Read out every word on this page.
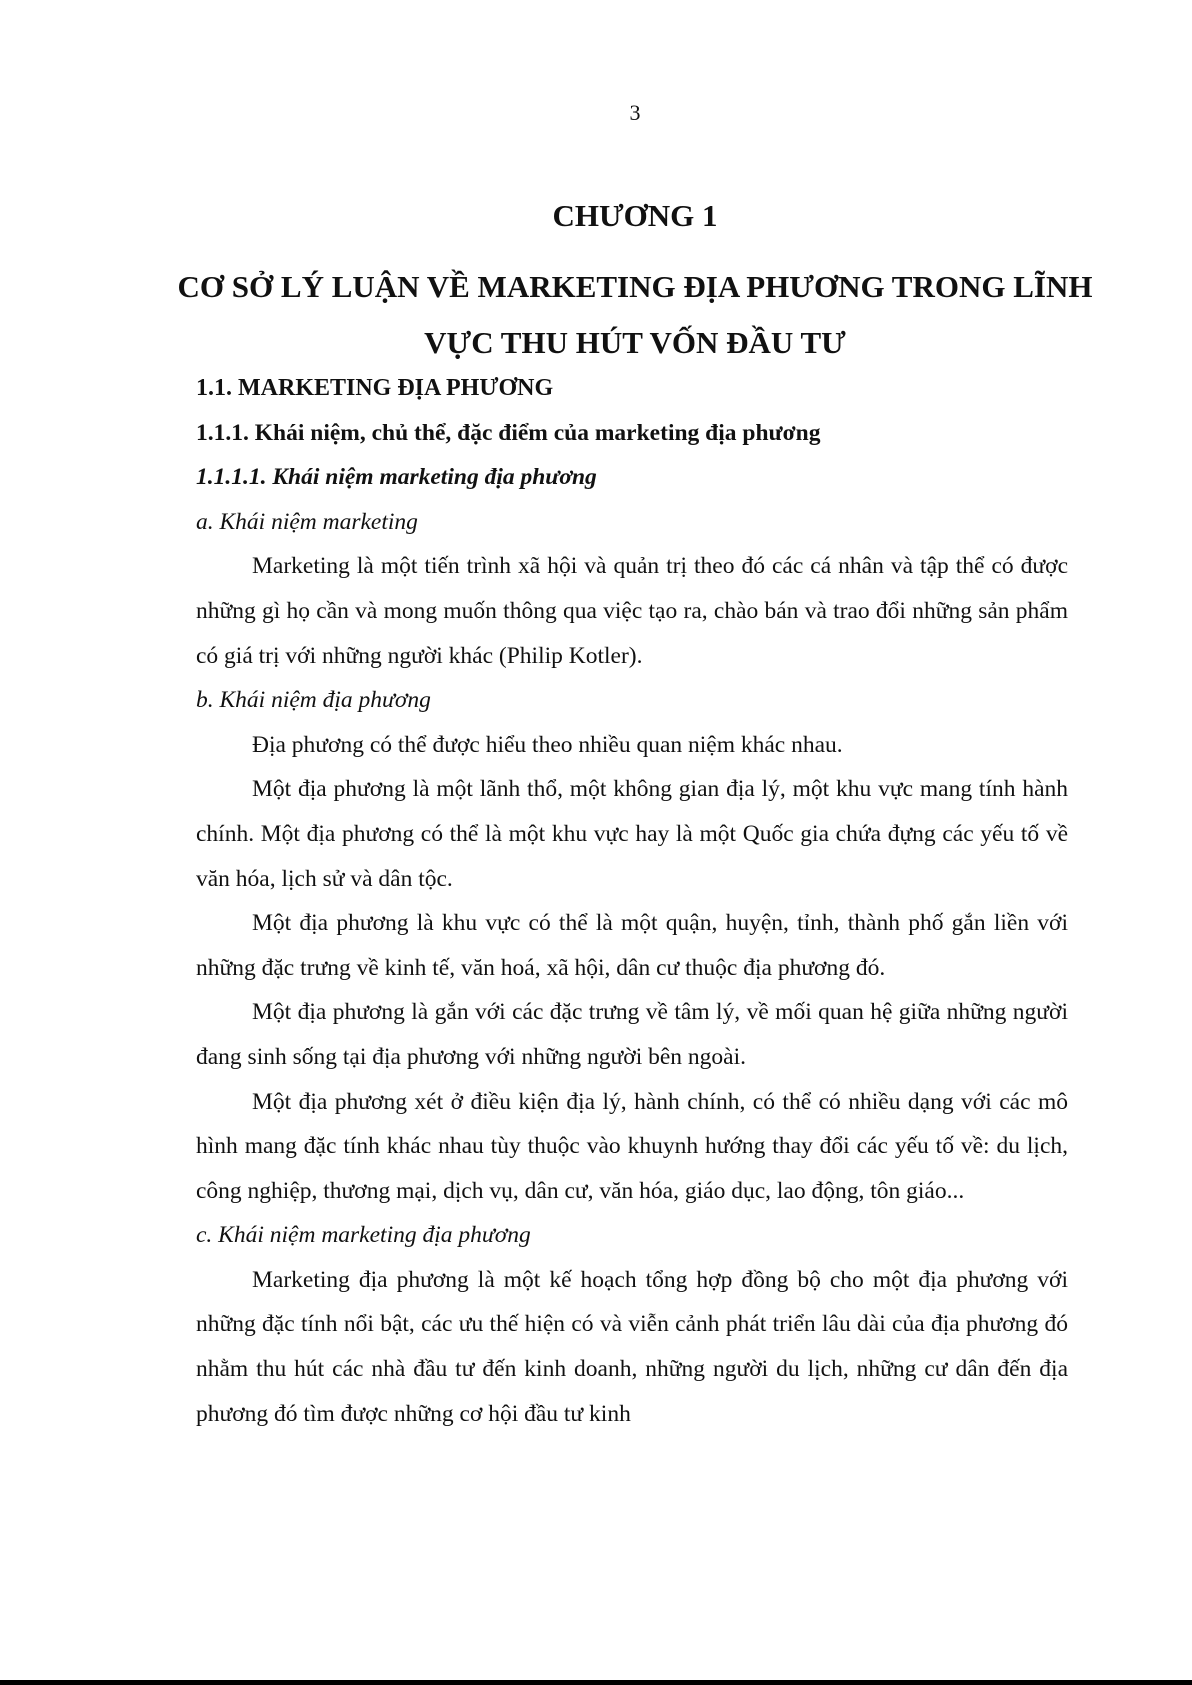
3
CHƯƠNG 1
CƠ SỞ LÝ LUẬN VỀ MARKETING ĐỊA PHƯƠNG TRONG LĨNH VỰC THU HÚT VỐN ĐẦU TƯ

1.1. MARKETING ĐỊA PHƯƠNG

1.1.1. Khái niệm, chủ thể, đặc điểm của marketing địa phương

1.1.1.1. Khái niệm marketing địa phương

a. Khái niệm marketing

Marketing là một tiến trình xã hội và quản trị theo đó các cá nhân và tập thể có được những gì họ cần và mong muốn thông qua việc tạo ra, chào bán và trao đổi những sản phẩm có giá trị với những người khác (Philip Kotler).

b. Khái niệm địa phương

Địa phương có thể được hiểu theo nhiều quan niệm khác nhau.

Một địa phương là một lãnh thổ, một không gian địa lý, một khu vực mang tính hành chính. Một địa phương có thể là một khu vực hay là một Quốc gia chứa đựng các yếu tố về văn hóa, lịch sử và dân tộc.

Một địa phương là khu vực có thể là một quận, huyện, tỉnh, thành phố gắn liền với những đặc trưng về kinh tế, văn hoá, xã hội, dân cư thuộc địa phương đó.

Một địa phương là gắn với các đặc trưng về tâm lý, về mối quan hệ giữa những người đang sinh sống tại địa phương với những người bên ngoài.

Một địa phương xét ở điều kiện địa lý, hành chính, có thể có nhiều dạng với các mô hình mang đặc tính khác nhau tùy thuộc vào khuynh hướng thay đổi các yếu tố về: du lịch, công nghiệp, thương mại, dịch vụ, dân cư, văn hóa, giáo dục, lao động, tôn giáo...

c. Khái niệm marketing địa phương

Marketing địa phương là một kế hoạch tổng hợp đồng bộ cho một địa phương với những đặc tính nổi bật, các ưu thế hiện có và viễn cảnh phát triển lâu dài của địa phương đó nhằm thu hút các nhà đầu tư đến kinh doanh, những người du lịch, những cư dân đến địa phương đó tìm được những cơ hội đầu tư kinh
